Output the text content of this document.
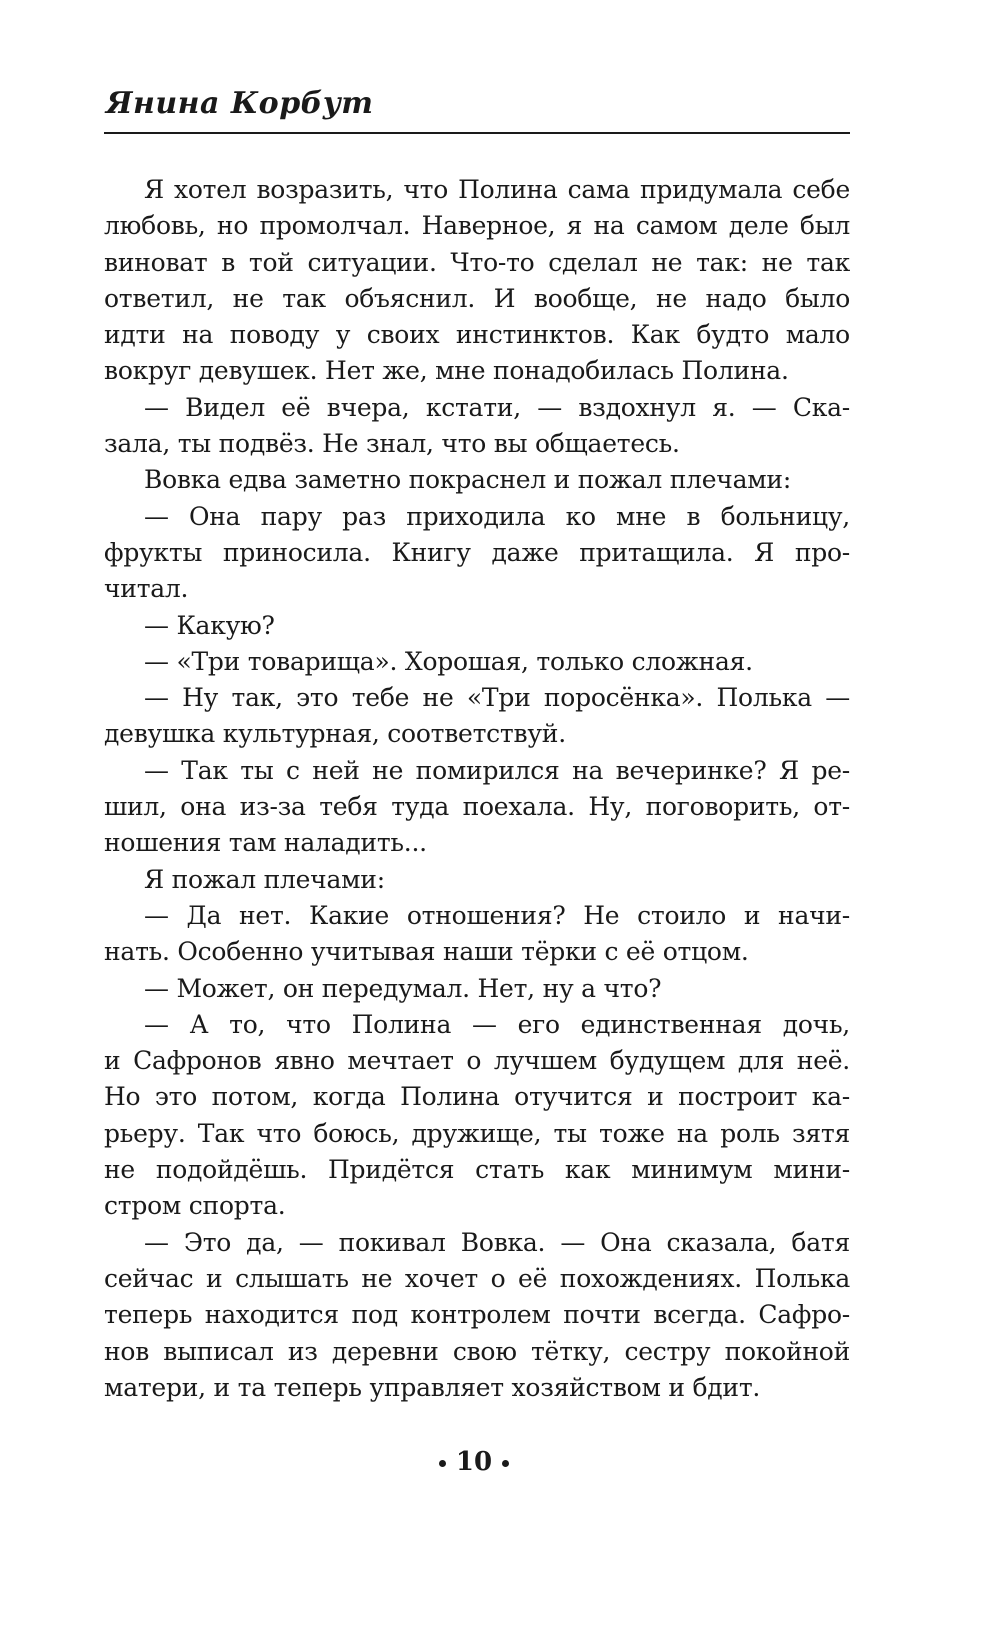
Янина Корбут

Я хотел возразить, что Полина сама придумала себе

любовь, но промолчал. Наверное, я на самом деле был

виноват в той ситуации. Что-то сделал не так: не так

ответил, не так объяснил. И вообще, не надо было

идти на поводу у своих инстинктов. Как будто мало

вокруг девушек. Нет же, мне понадобилась Полина.

— Видел её вчера, кстати, — вздохнул я. — Ска-

зала, ты подвёз. Не знал, что вы общаетесь.

Вовка едва заметно покраснел и пожал плечами:

— Она пару раз приходила ко мне в больницу,

фрукты приносила. Книгу даже притащила. Я про-

читал.

— Какую?

— «Три товарища». Хорошая, только сложная.

— Ну так, это тебе не «Три поросёнка». Полька —

девушка культурная, соответствуй.

— Так ты с ней не помирился на вечеринке? Я ре-

шил, она из-за тебя туда поехала. Ну, поговорить, от-

ношения там наладить...

Я пожал плечами:

— Да нет. Какие отношения? Не стоило и начи-

нать. Особенно учитывая наши тёрки с её отцом.

— Может, он передумал. Нет, ну а что?

— А то, что Полина — его единственная дочь,

и Сафронов явно мечтает о лучшем будущем для неё.

Но это потом, когда Полина отучится и построит ка-

рьеру. Так что боюсь, дружище, ты тоже на роль зятя

не подойдёшь. Придётся стать как минимум мини-

стром спорта.

— Это да, — покивал Вовка. — Она сказала, батя

сейчас и слышать не хочет о её похождениях. Полька

теперь находится под контролем почти всегда. Сафро-

нов выписал из деревни свою тётку, сестру покойной

матери, и та теперь управляет хозяйством и бдит.

10
